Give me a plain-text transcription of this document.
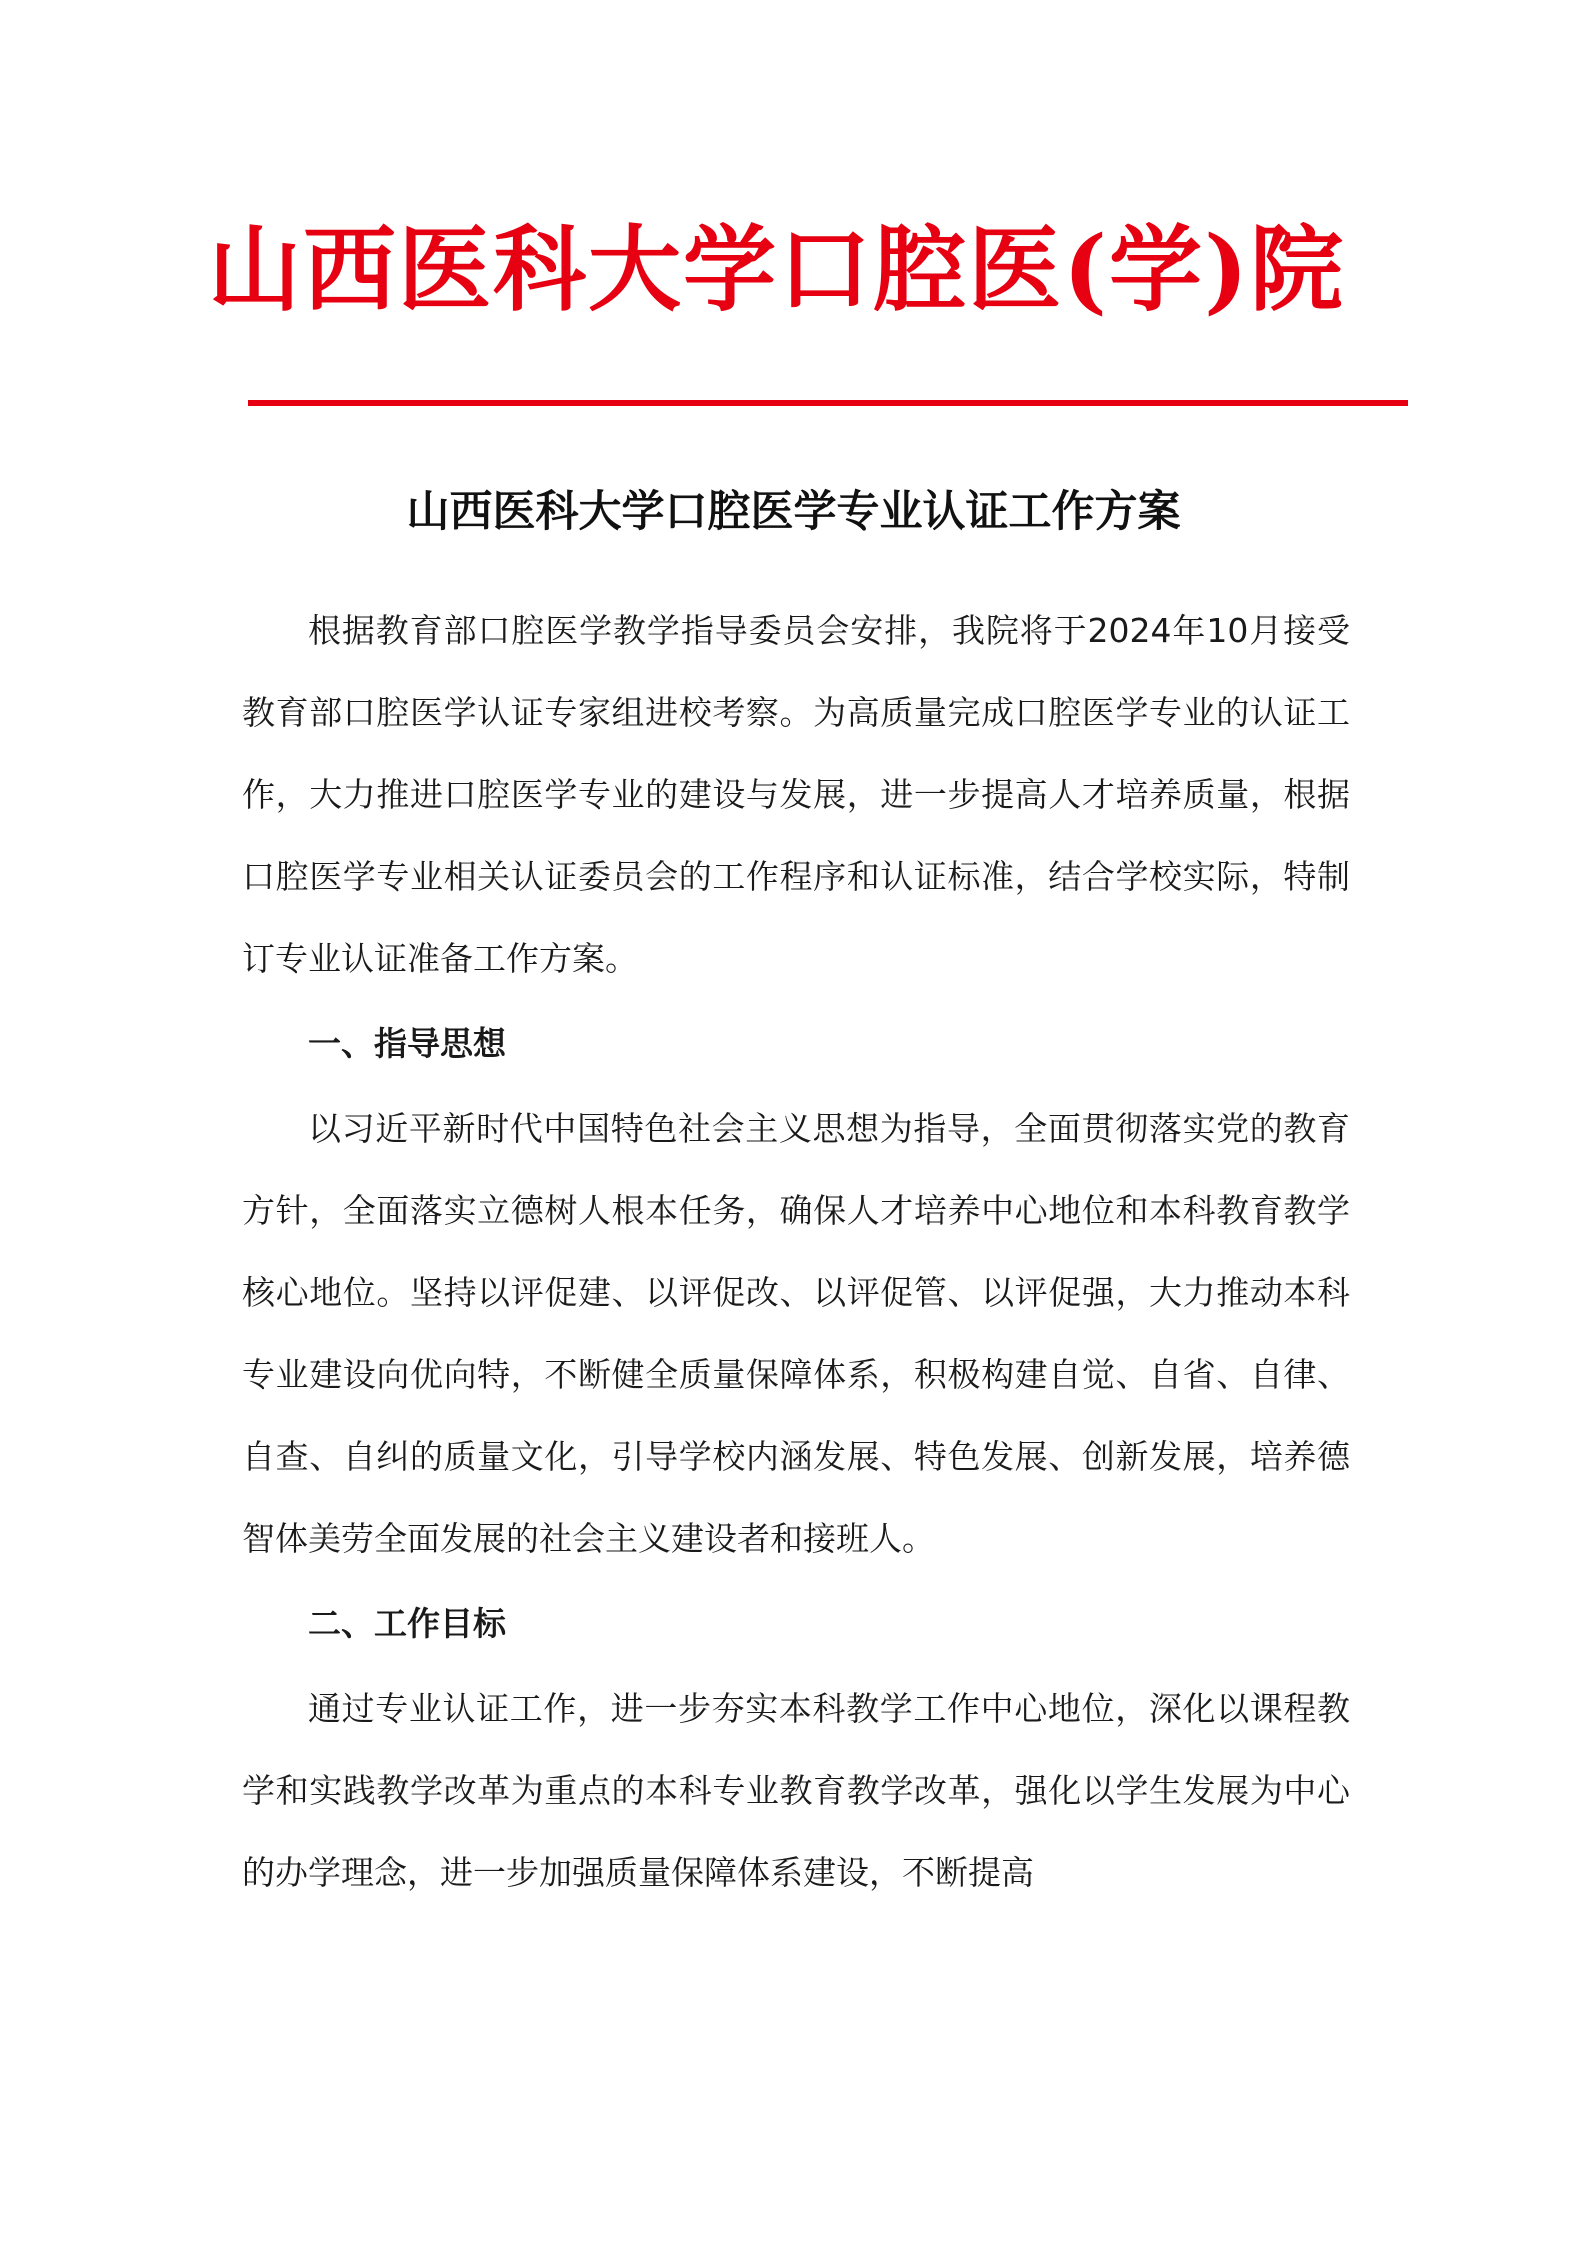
山西医科大学口腔医(学)院
山西医科大学口腔医学专业认证工作方案

根据教育部口腔医学教学指导委员会安排，我院将于2024年10月接受教育部口腔医学认证专家组进校考察。为高质量完成口腔医学专业的认证工作，大力推进口腔医学专业的建设与发展，进一步提高人才培养质量，根据口腔医学专业相关认证委员会的工作程序和认证标准，结合学校实际，特制订专业认证准备工作方案。

一、指导思想

以习近平新时代中国特色社会主义思想为指导，全面贯彻落实党的教育方针，全面落实立德树人根本任务，确保人才培养中心地位和本科教育教学核心地位。坚持以评促建、以评促改、以评促管、以评促强，大力推动本科专业建设向优向特，不断健全质量保障体系，积极构建自觉、自省、自律、自查、自纠的质量文化，引导学校内涵发展、特色发展、创新发展，培养德智体美劳全面发展的社会主义建设者和接班人。

二、工作目标

通过专业认证工作，进一步夯实本科教学工作中心地位，深化以课程教学和实践教学改革为重点的本科专业教育教学改革，强化以学生发展为中心的办学理念，进一步加强质量保障体系建设，不断提高
